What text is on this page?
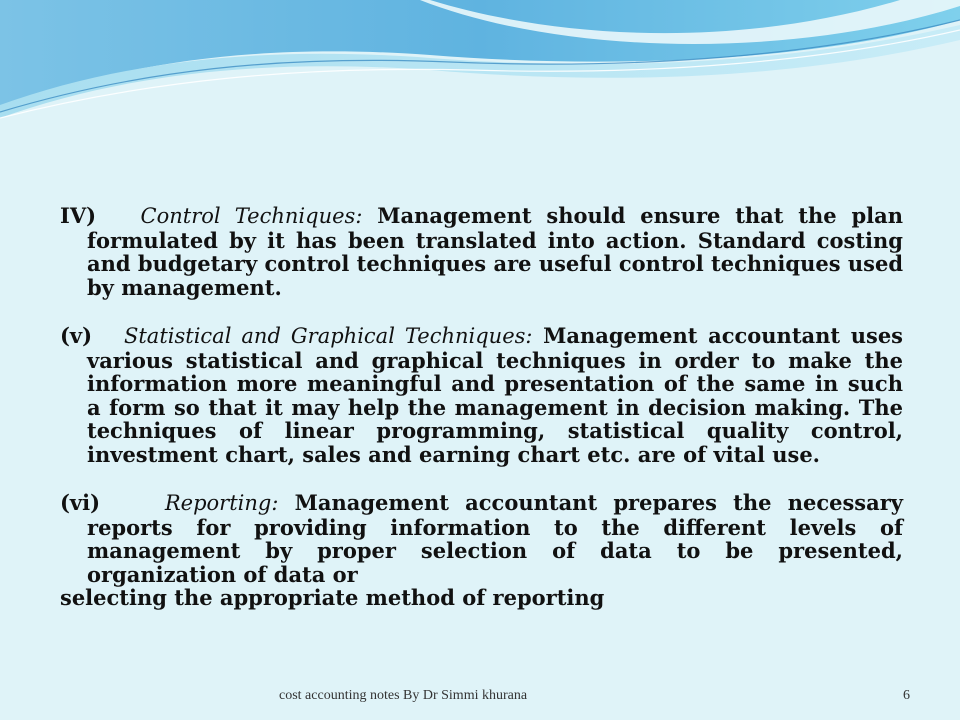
IV) Control Techniques: Management should ensure that the plan formulated by it has been translated into action. Standard costing and budgetary control techniques are useful control techniques used by management.

(v) Statistical and Graphical Techniques: Management accountant uses various statistical and graphical techniques in order to make the information more meaningful and presentation of the same in such a form so that it may help the management in decision making. The techniques of linear programming, statistical quality control, investment chart, sales and earning chart etc. are of vital use.

(vi)	Reporting: Management accountant prepares the necessary reports for providing information to the different levels of management by proper selection of data to be presented, organization of data or

selecting the appropriate method of reporting

cost accounting notes By Dr Simmi khurana	6
